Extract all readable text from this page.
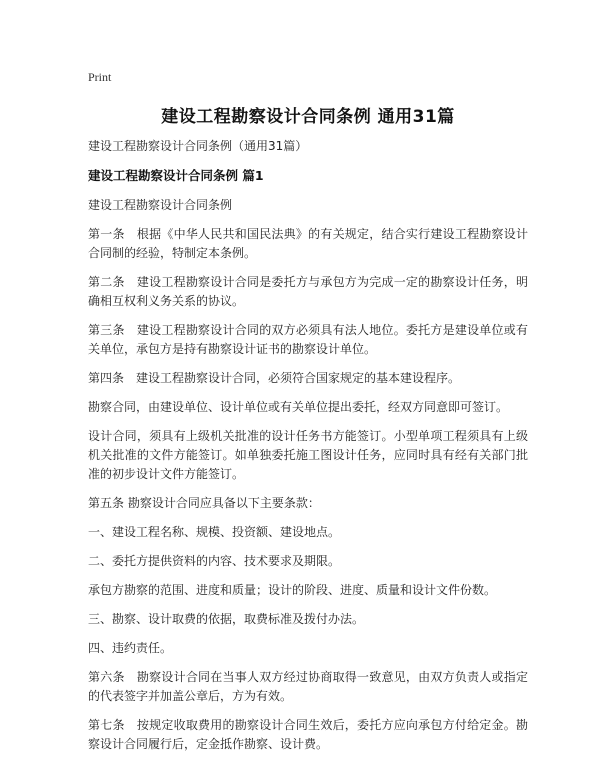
Print
建设工程勘察设计合同条例 通用31篇
建设工程勘察设计合同条例（通用31篇）
建设工程勘察设计合同条例 篇1
建设工程勘察设计合同条例
第一条　根据《中华人民共和国民法典》的有关规定，结合实行建设工程勘察设计合同制的经验，特制定本条例。
第二条　建设工程勘察设计合同是委托方与承包方为完成一定的勘察设计任务，明确相互权利义务关系的协议。
第三条　建设工程勘察设计合同的双方必须具有法人地位。委托方是建设单位或有关单位，承包方是持有勘察设计证书的勘察设计单位。
第四条　建设工程勘察设计合同，必须符合国家规定的基本建设程序。
勘察合同，由建设单位、设计单位或有关单位提出委托，经双方同意即可签订。
设计合同，须具有上级机关批准的设计任务书方能签订。小型单项工程须具有上级机关批准的文件方能签订。如单独委托施工图设计任务，应同时具有经有关部门批准的初步设计文件方能签订。
第五条 勘察设计合同应具备以下主要条款：
一、建设工程名称、规模、投资额、建设地点。
二、委托方提供资料的内容、技术要求及期限。
承包方勘察的范围、进度和质量；设计的阶段、进度、质量和设计文件份数。
三、勘察、设计取费的依据，取费标准及拨付办法。
四、违约责任。
第六条　勘察设计合同在当事人双方经过协商取得一致意见，由双方负责人或指定的代表签字并加盖公章后，方为有效。
第七条　按规定收取费用的勘察设计合同生效后，委托方应向承包方付给定金。勘察设计合同履行后，定金抵作勘察、设计费。
